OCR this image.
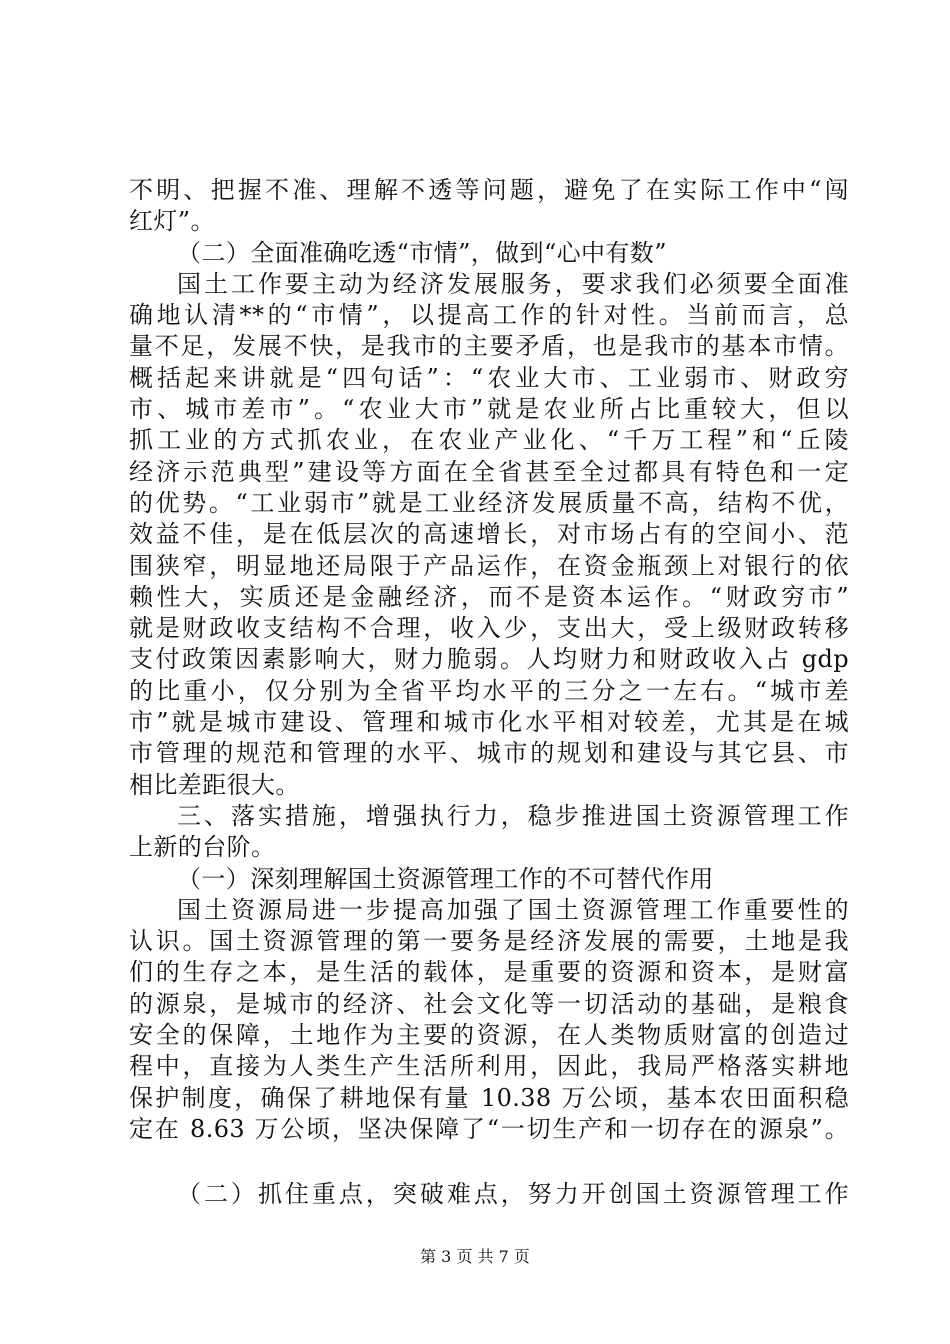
不明、把握不准、理解不透等问题，避免了在实际工作中“闯
红灯”。
（二）全面准确吃透“市情”，做到“心中有数”
国土工作要主动为经济发展服务，要求我们必须要全面准
确地认清**的“市情”，以提高工作的针对性。当前而言，总
量不足，发展不快，是我市的主要矛盾，也是我市的基本市情。
概括起来讲就是“四句话”：“农业大市、工业弱市、财政穷
市、城市差市”。“农业大市”就是农业所占比重较大，但以
抓工业的方式抓农业，在农业产业化、“千万工程”和“丘陵
经济示范典型”建设等方面在全省甚至全过都具有特色和一定
的优势。“工业弱市”就是工业经济发展质量不高，结构不优，
效益不佳，是在低层次的高速增长，对市场占有的空间小、范
围狭窄，明显地还局限于产品运作，在资金瓶颈上对银行的依
赖性大，实质还是金融经济，而不是资本运作。“财政穷市”
就是财政收支结构不合理，收入少，支出大，受上级财政转移
支付政策因素影响大，财力脆弱。人均财力和财政收入占 gdp
的比重小，仅分别为全省平均水平的三分之一左右。“城市差
市”就是城市建设、管理和城市化水平相对较差，尤其是在城
市管理的规范和管理的水平、城市的规划和建设与其它县、市
相比差距很大。
三、落实措施，增强执行力，稳步推进国土资源管理工作
上新的台阶。
（一）深刻理解国土资源管理工作的不可替代作用
国土资源局进一步提高加强了国土资源管理工作重要性的
认识。国土资源管理的第一要务是经济发展的需要，土地是我
们的生存之本，是生活的载体，是重要的资源和资本，是财富
的源泉，是城市的经济、社会文化等一切活动的基础，是粮食
安全的保障，土地作为主要的资源，在人类物质财富的创造过
程中，直接为人类生产生活所利用，因此，我局严格落实耕地
保护制度，确保了耕地保有量 10.38 万公顷，基本农田面积稳
定在 8.63 万公顷，坚决保障了“一切生产和一切存在的源泉”。
（二）抓住重点，突破难点，努力开创国土资源管理工作
第 3 页 共 7 页
